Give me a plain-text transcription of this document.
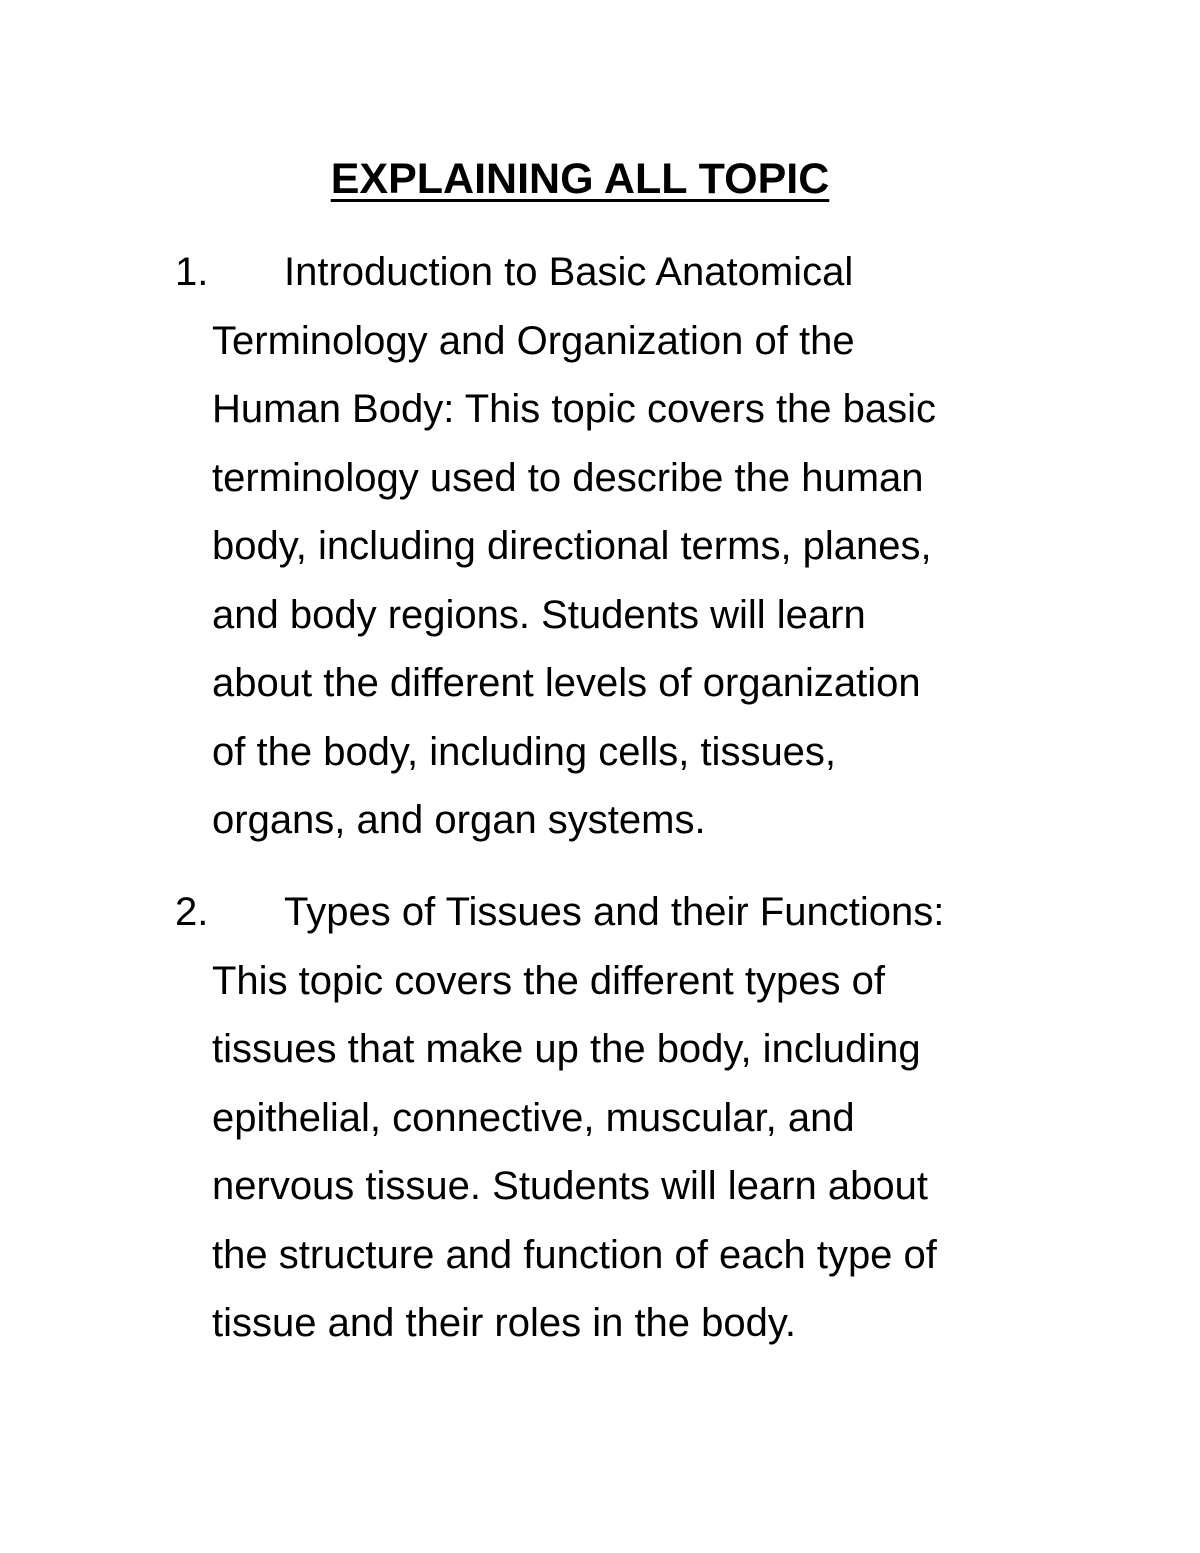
EXPLAINING ALL TOPIC
1. Introduction to Basic Anatomical
Terminology and Organization of the
Human Body: This topic covers the basic
terminology used to describe the human
body, including directional terms, planes,
and body regions. Students will learn
about the different levels of organization
of the body, including cells, tissues,
organs, and organ systems.
2. Types of Tissues and their Functions:
This topic covers the different types of
tissues that make up the body, including
epithelial, connective, muscular, and
nervous tissue. Students will learn about
the structure and function of each type of
tissue and their roles in the body.
